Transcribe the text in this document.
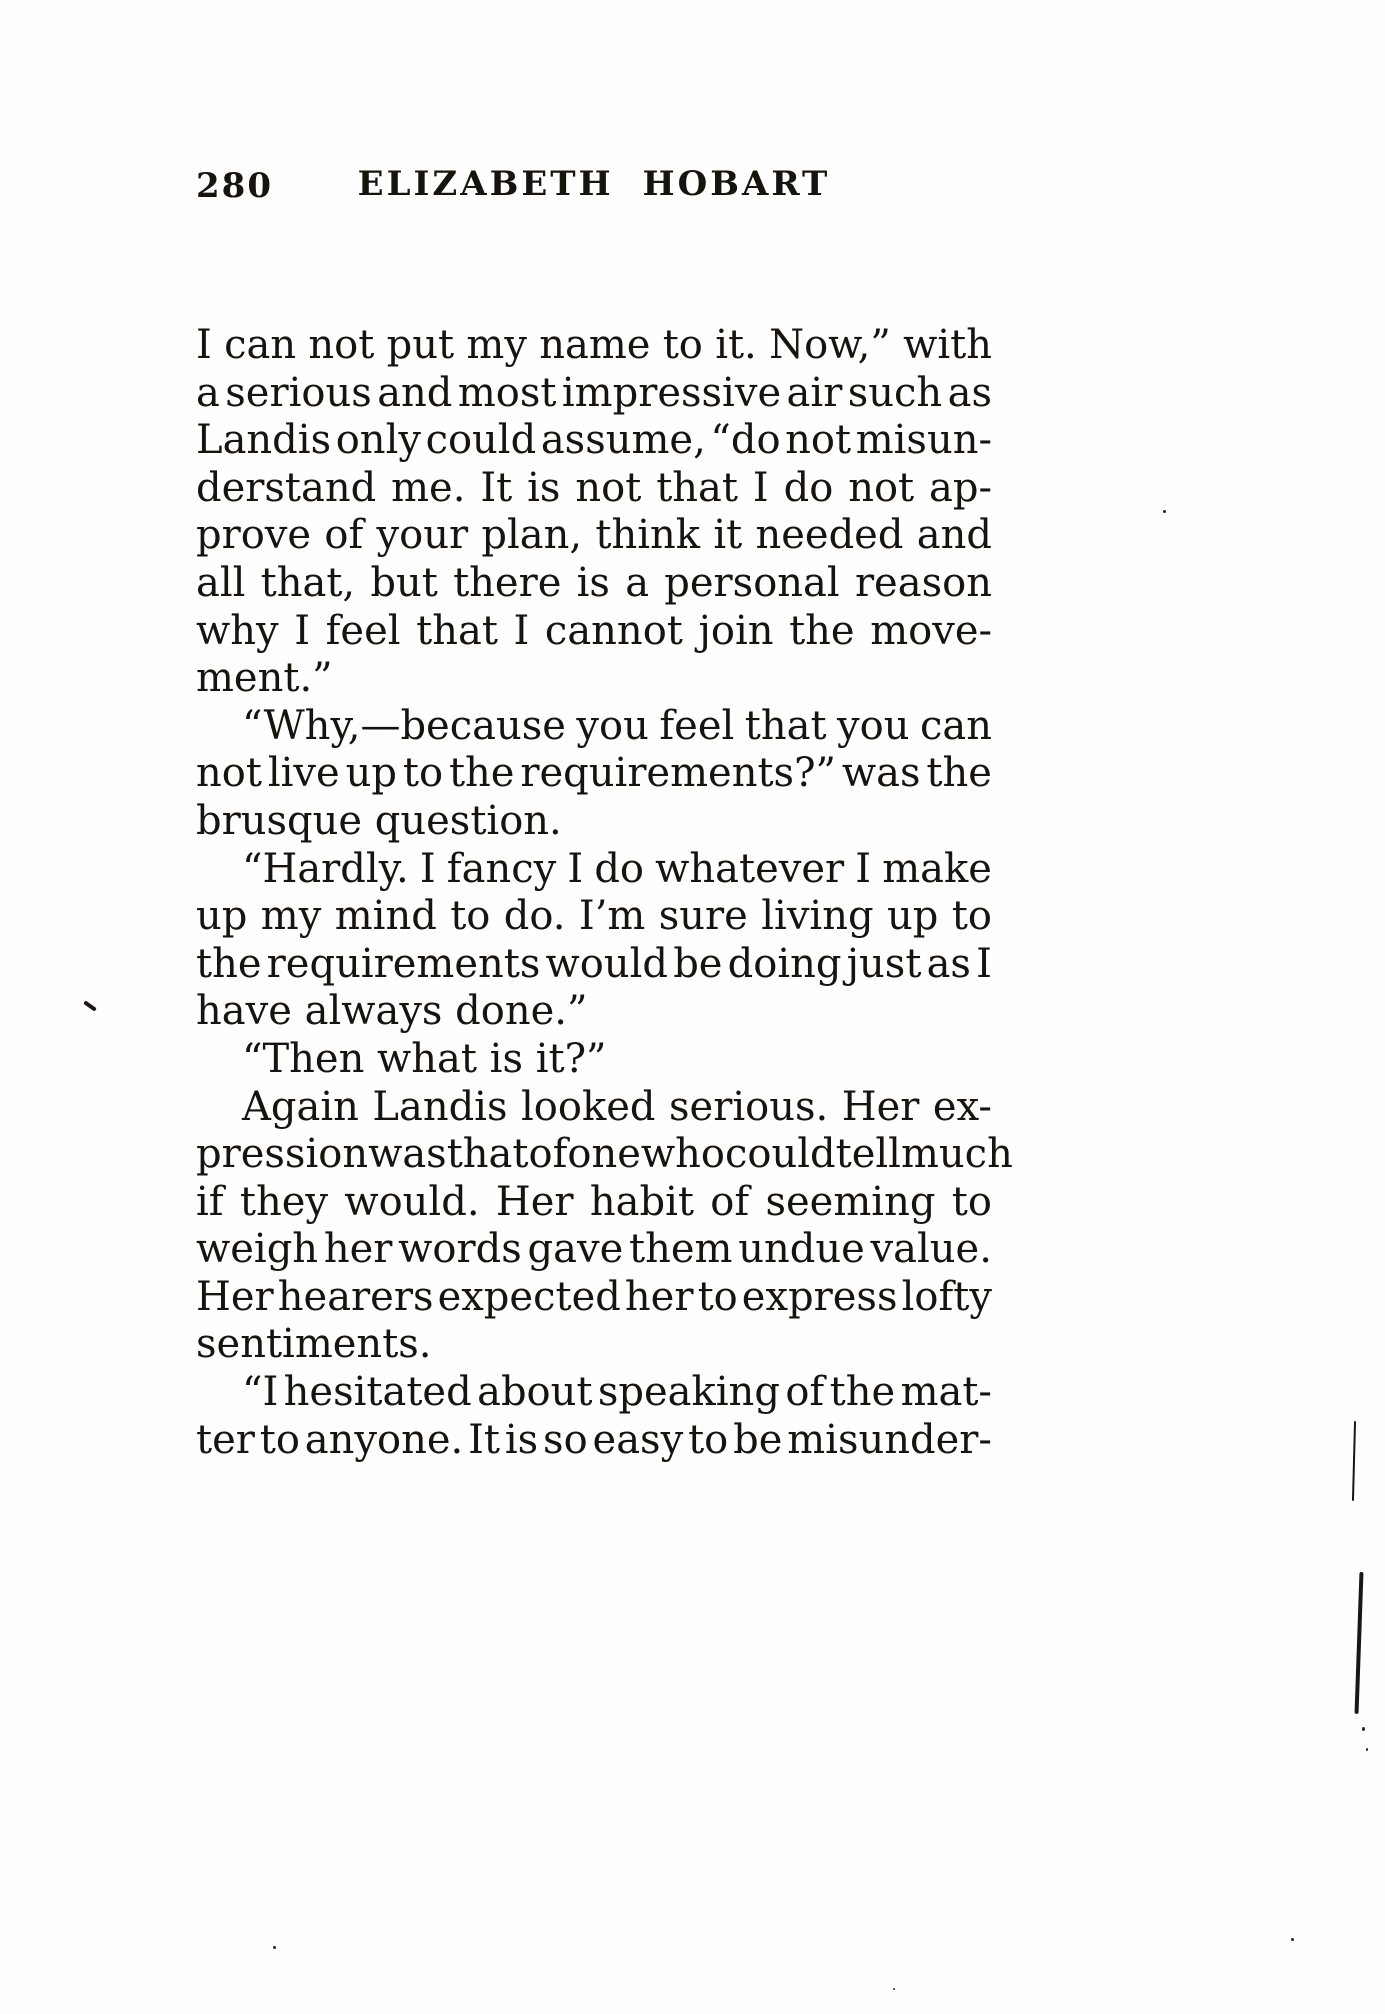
280	ELIZABETH HOBART
I can not put my name to it. Now,” with
a serious and most impressive air such as
Landis only could assume, “do not misun-
derstand me. It is not that I do not ap-
prove of your plan, think it needed and
all that, but there is a personal reason
why I feel that I cannot join the move-
ment.”
“Why,—because you feel that you can
not live up to the requirements?” was the
brusque question.
“Hardly. I fancy I do whatever I make
up my mind to do. I’m sure living up to
the requirements would be doing just as I
have always done.”
“Then what is it?”
Again Landis looked serious. Her ex-
pression was that of one who could tell much
if they would. Her habit of seeming to
weigh her words gave them undue value.
Her hearers expected her to express lofty
sentiments.
“I hesitated about speaking of the mat-
ter to anyone. It is so easy to be misunder-
